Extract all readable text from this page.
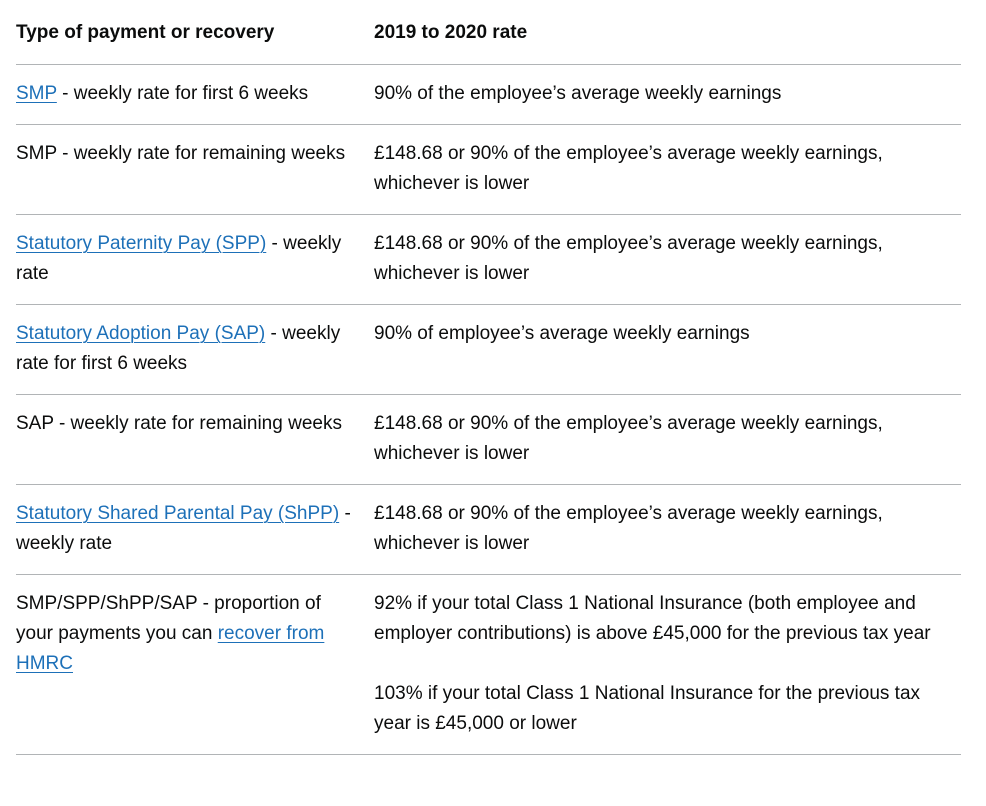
Type of payment or recovery	2019 to 2020 rate
SMP - weekly rate for first 6 weeks	90% of the employee’s average weekly earnings
SMP - weekly rate for remaining weeks	£148.68 or 90% of the employee’s average weekly earnings, whichever is lower
Statutory Paternity Pay (SPP) - weekly rate	£148.68 or 90% of the employee’s average weekly earnings, whichever is lower
Statutory Adoption Pay (SAP) - weekly rate for first 6 weeks	90% of employee’s average weekly earnings
SAP - weekly rate for remaining weeks	£148.68 or 90% of the employee’s average weekly earnings, whichever is lower
Statutory Shared Parental Pay (ShPP) - weekly rate	£148.68 or 90% of the employee’s average weekly earnings, whichever is lower
SMP/SPP/ShPP/SAP - proportion of your payments you can recover from HMRC	92% if your total Class 1 National Insurance (both employee and employer contributions) is above £45,000 for the previous tax year
103% if your total Class 1 National Insurance for the previous tax year is £45,000 or lower
